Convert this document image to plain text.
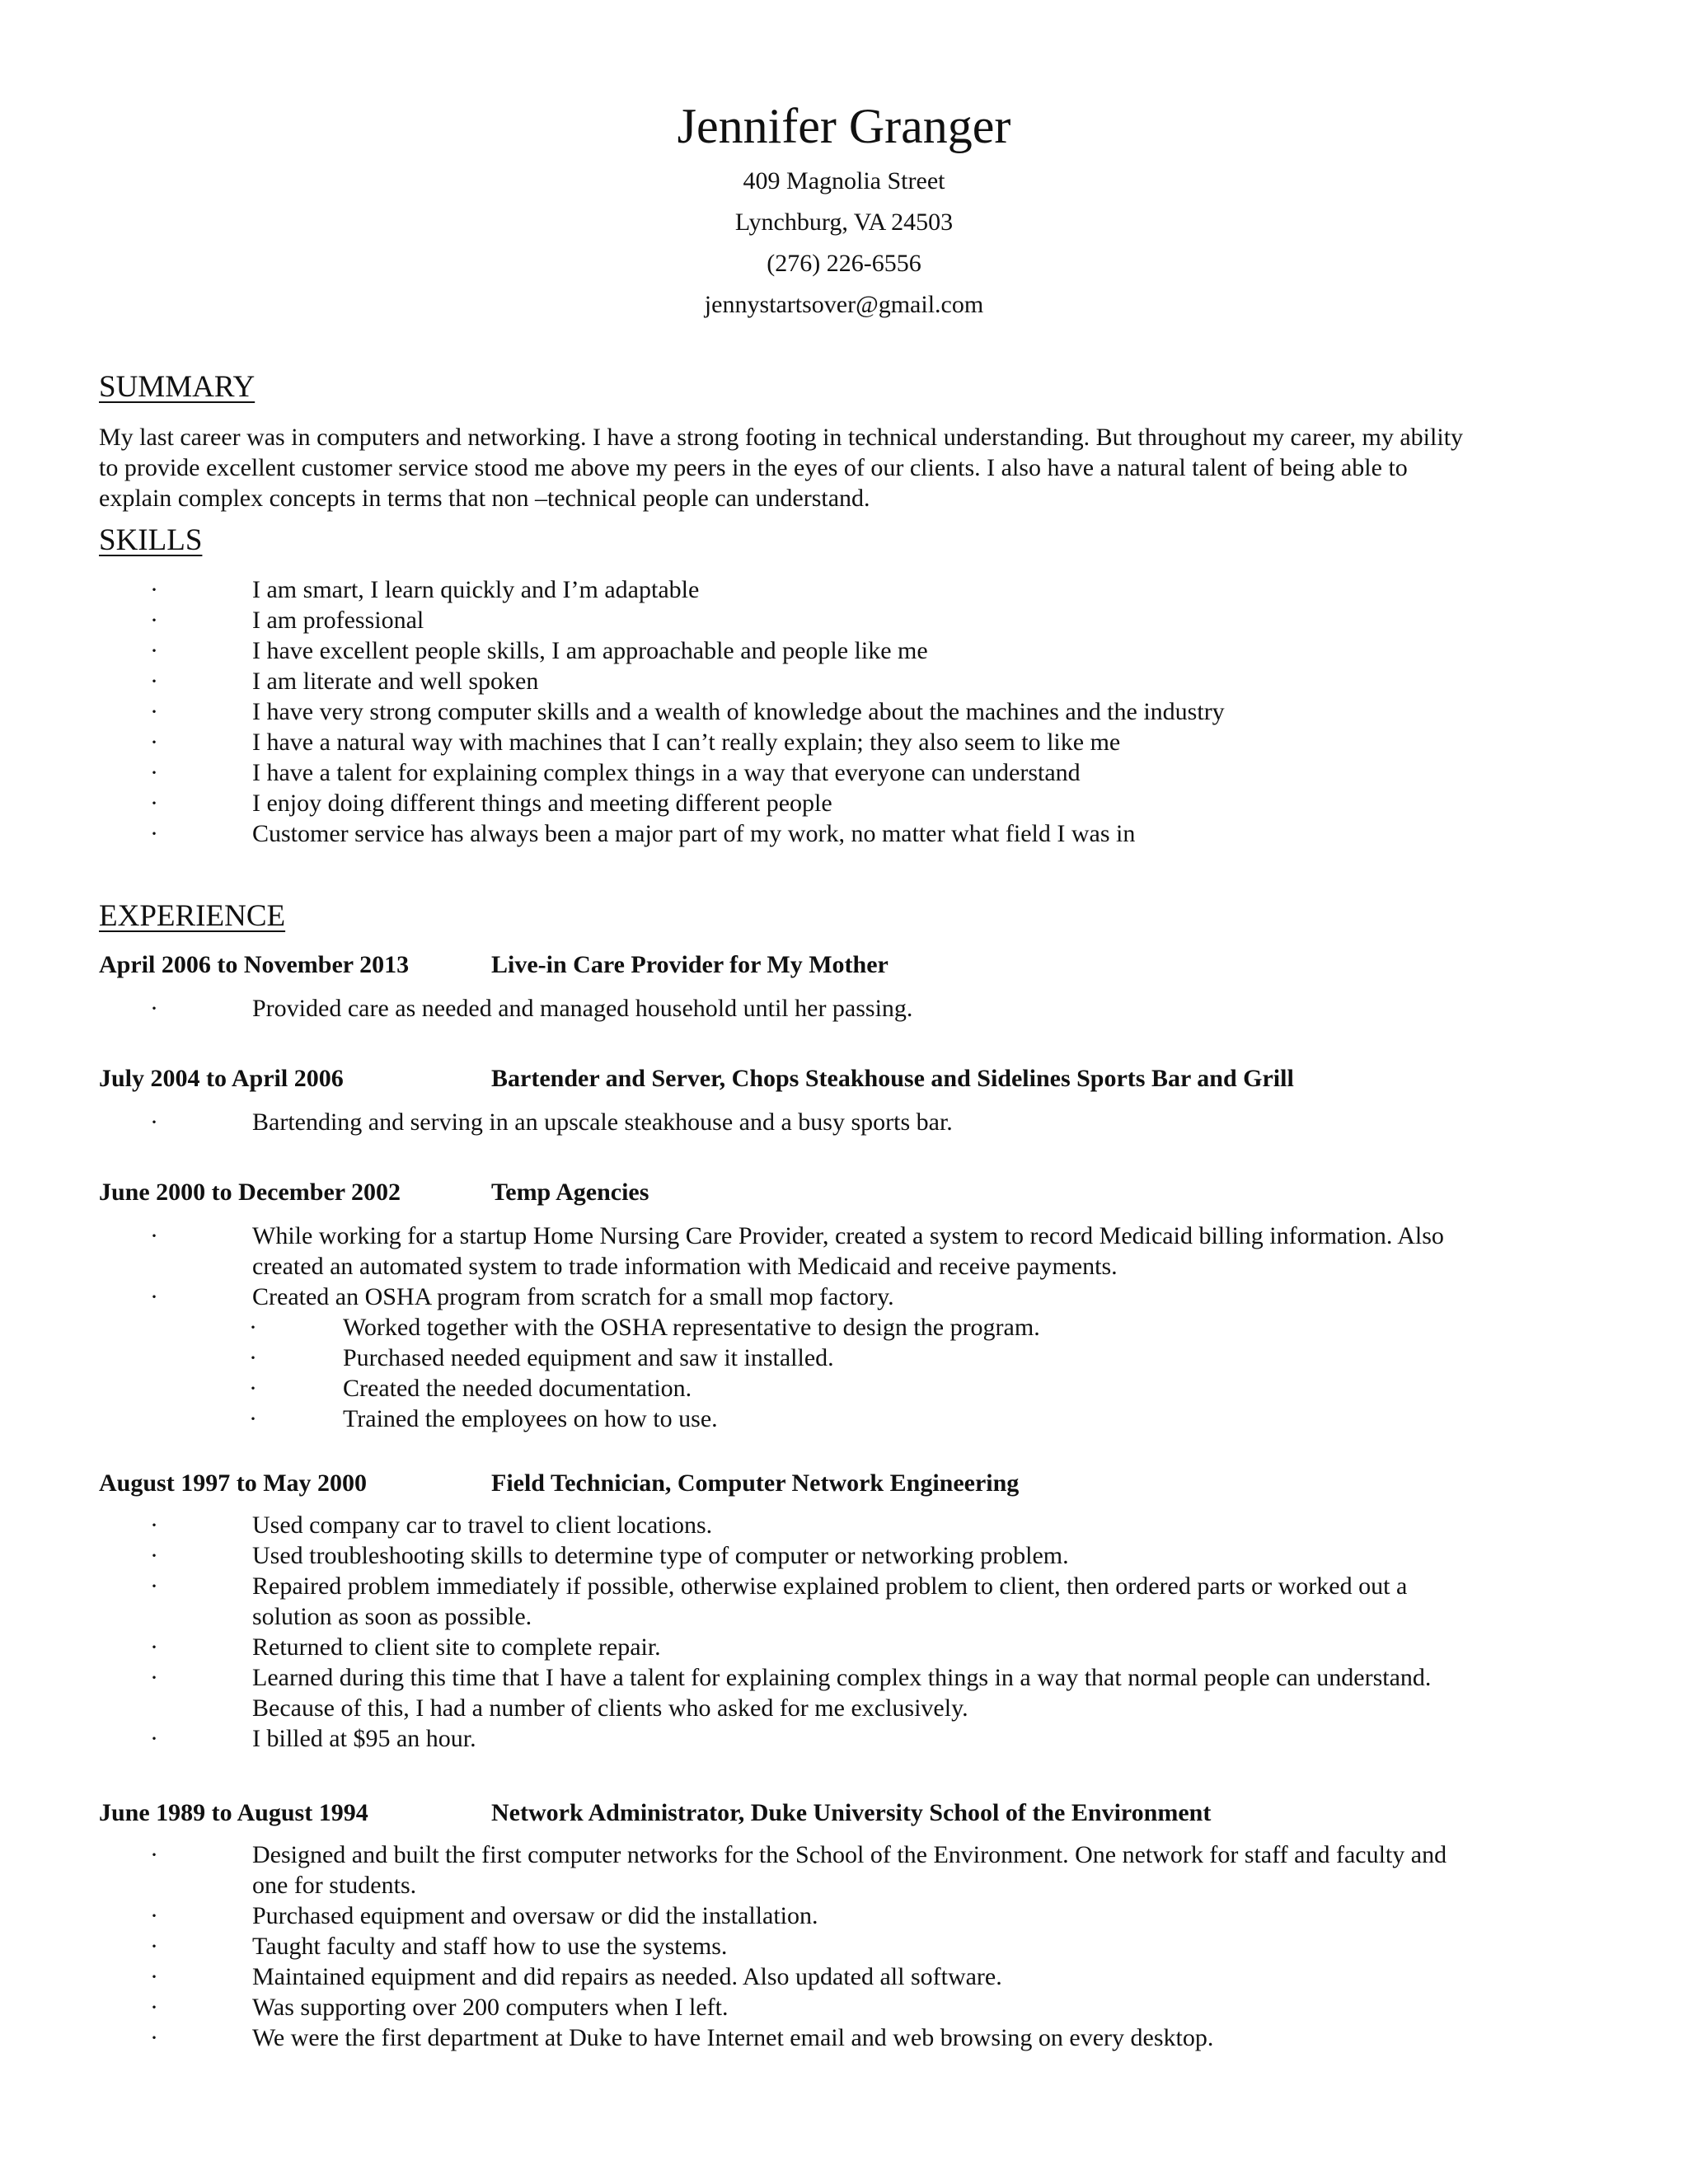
Jennifer Granger
409 Magnolia Street
Lynchburg, VA 24503
(276) 226-6556
jennystartsover@gmail.com
SUMMARY
My last career was in computers and networking. I have a strong footing in technical understanding. But throughout my career, my ability
to provide excellent customer service stood me above my peers in the eyes of our clients. I also have a natural talent of being able to
explain complex concepts in terms that non –technical people can understand.
SKILLS
·	I am smart, I learn quickly and I’m adaptable
·	I am professional
·	I have excellent people skills, I am approachable and people like me
·	I am literate and well spoken
·	I have very strong computer skills and a wealth of knowledge about the machines and the industry
·	I have a natural way with machines that I can’t really explain; they also seem to like me
·	I have a talent for explaining complex things in a way that everyone can understand
·	I enjoy doing different things and meeting different people
·	Customer service has always been a major part of my work, no matter what field I was in
EXPERIENCE
April 2006 to November 2013	Live-in Care Provider for My Mother
·	Provided care as needed and managed household until her passing.
July 2004 to April 2006	Bartender and Server, Chops Steakhouse and Sidelines Sports Bar and Grill
·	Bartending and serving in an upscale steakhouse and a busy sports bar.
June 2000 to December 2002	Temp Agencies
·	While working for a startup Home Nursing Care Provider, created a system to record Medicaid billing information. Also
created an automated system to trade information with Medicaid and receive payments.
·	Created an OSHA program from scratch for a small mop factory.
·	Worked together with the OSHA representative to design the program.
·	Purchased needed equipment and saw it installed.
·	Created the needed documentation.
·	Trained the employees on how to use.
August 1997 to May 2000	Field Technician, Computer Network Engineering
·	Used company car to travel to client locations.
·	Used troubleshooting skills to determine type of computer or networking problem.
·	Repaired problem immediately if possible, otherwise explained problem to client, then ordered parts or worked out a
solution as soon as possible.
·	Returned to client site to complete repair.
·	Learned during this time that I have a talent for explaining complex things in a way that normal people can understand.
Because of this, I had a number of clients who asked for me exclusively.
·	I billed at $95 an hour.
June 1989 to August 1994	Network Administrator, Duke University School of the Environment
·	Designed and built the first computer networks for the School of the Environment. One network for staff and faculty and
one for students.
·	Purchased equipment and oversaw or did the installation.
·	Taught faculty and staff how to use the systems.
·	Maintained equipment and did repairs as needed. Also updated all software.
·	Was supporting over 200 computers when I left.
·	We were the first department at Duke to have Internet email and web browsing on every desktop.
